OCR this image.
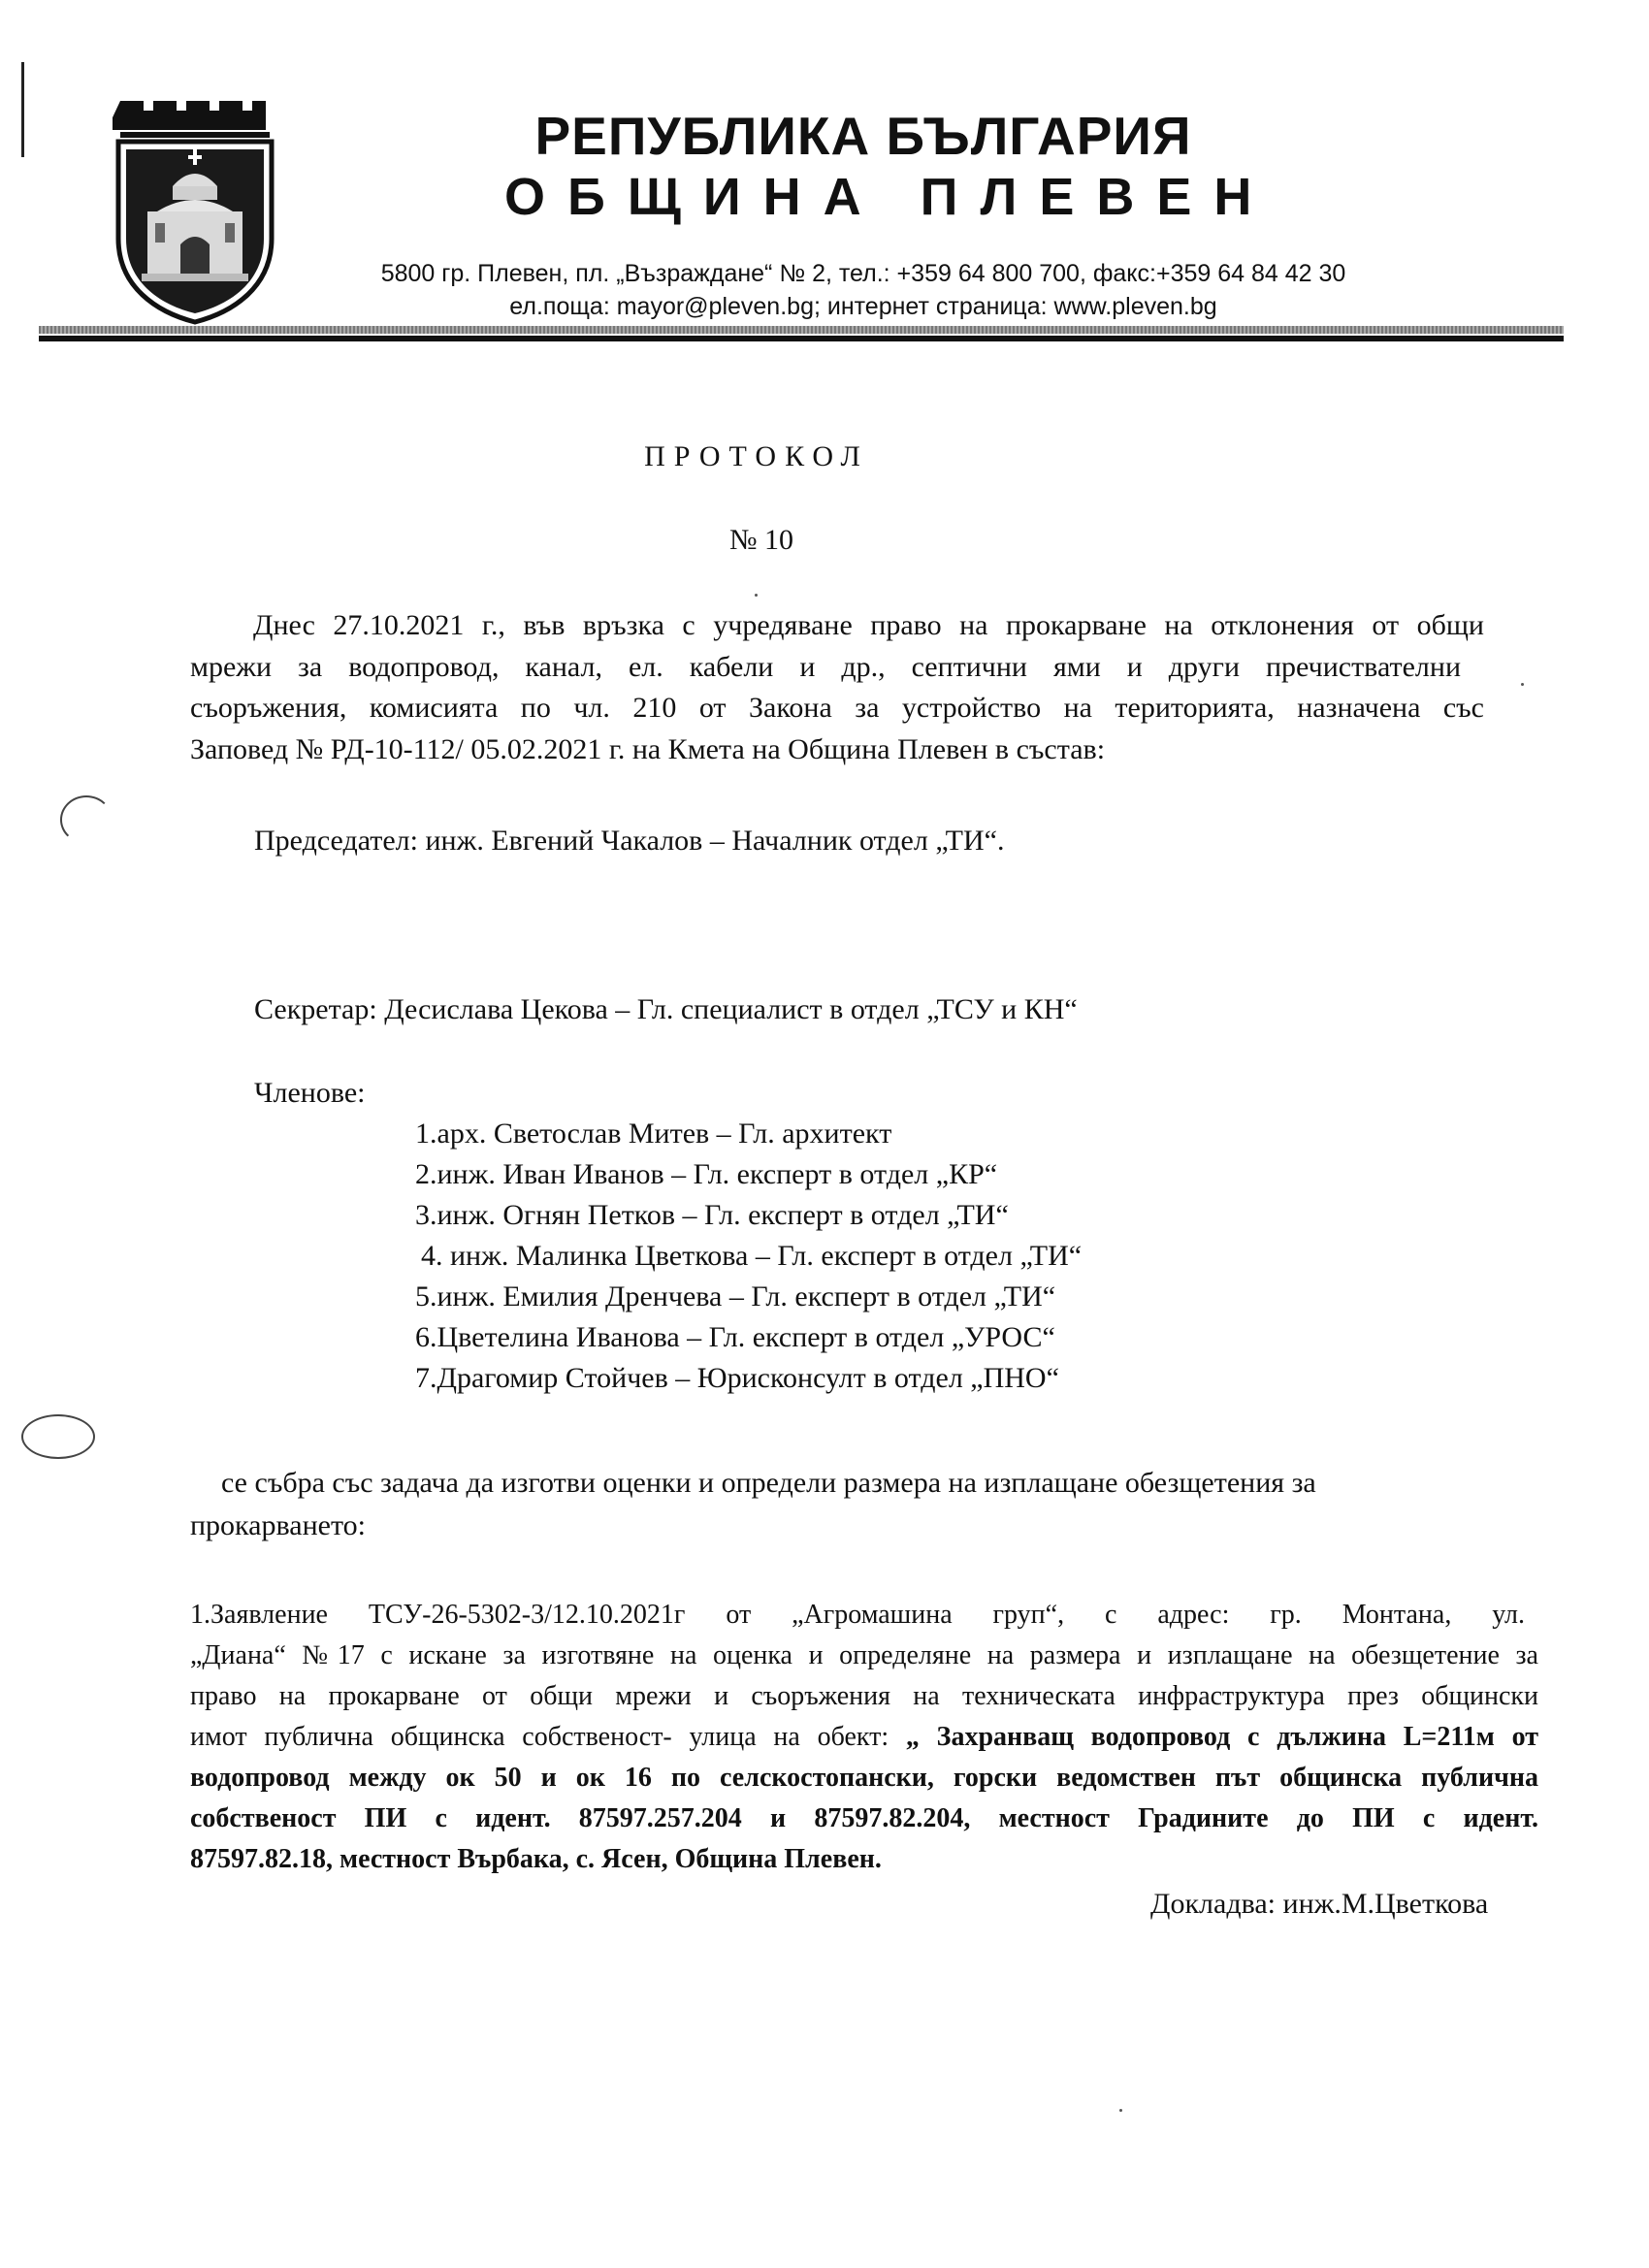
РЕПУБЛИКА БЪЛГАРИЯ
ОБЩИНА ПЛЕВЕН
5800 гр. Плевен, пл. „Възраждане“ № 2, тел.: +359 64 800 700, факс:+359 64 84 42 30
ел.поща: mayor@pleven.bg; интернет страница: www.pleven.bg
ПРОТОКОЛ
№ 10
Днес 27.10.2021 г., във връзка с учредяване право на прокарване на отклонения от общи
мрежи за водопровод, канал, ел. кабели и др., септични ями и други пречиствателни
съоръжения, комисията по чл. 210 от Закона за устройство на територията, назначена със
Заповед № РД-10-112/ 05.02.2021 г. на Кмета на Община Плевен в състав:
Председател: инж. Евгений Чакалов – Началник отдел „ТИ“.
Секретар: Десислава Цекова – Гл. специалист в отдел „ТСУ и КН“
Членове:
1.арх. Светослав Митев – Гл. архитект
2.инж. Иван Иванов – Гл. експерт в отдел „КР“
3.инж. Огнян Петков – Гл. експерт в отдел „ТИ“
4. инж. Малинка Цветкова – Гл. експерт в отдел „ТИ“
5.инж. Емилия Дренчева – Гл. експерт в отдел „ТИ“
6.Цветелина Иванова – Гл. експерт в отдел „УРОС“
7.Драгомир Стойчев – Юрисконсулт в отдел „ПНО“
се събра със задача да изготви оценки и определи размера на изплащане обезщетения за
прокарването:
1.Заявление ТСУ-26-5302-3/12.10.2021г от „Агромашина груп“, с адрес: гр. Монтана, ул.
„Диана“ №17 с искане за изготвяне на оценка и определяне на размера и изплащане на обезщетение за
право на прокарване от общи мрежи и съоръжения на техническата инфраструктура през общински
имот публична общинска собственост- улица на обект: „ Захранващ водопровод с дължина L=211м от
водопровод между ок 50 и ок 16 по селскостопански, горски ведомствен път общинска публична
собственост ПИ с идент. 87597.257.204 и 87597.82.204, местност Градините до ПИ с идент.
87597.82.18, местност Върбака, с. Ясен, Община Плевен.
Докладва: инж.М.Цветкова
